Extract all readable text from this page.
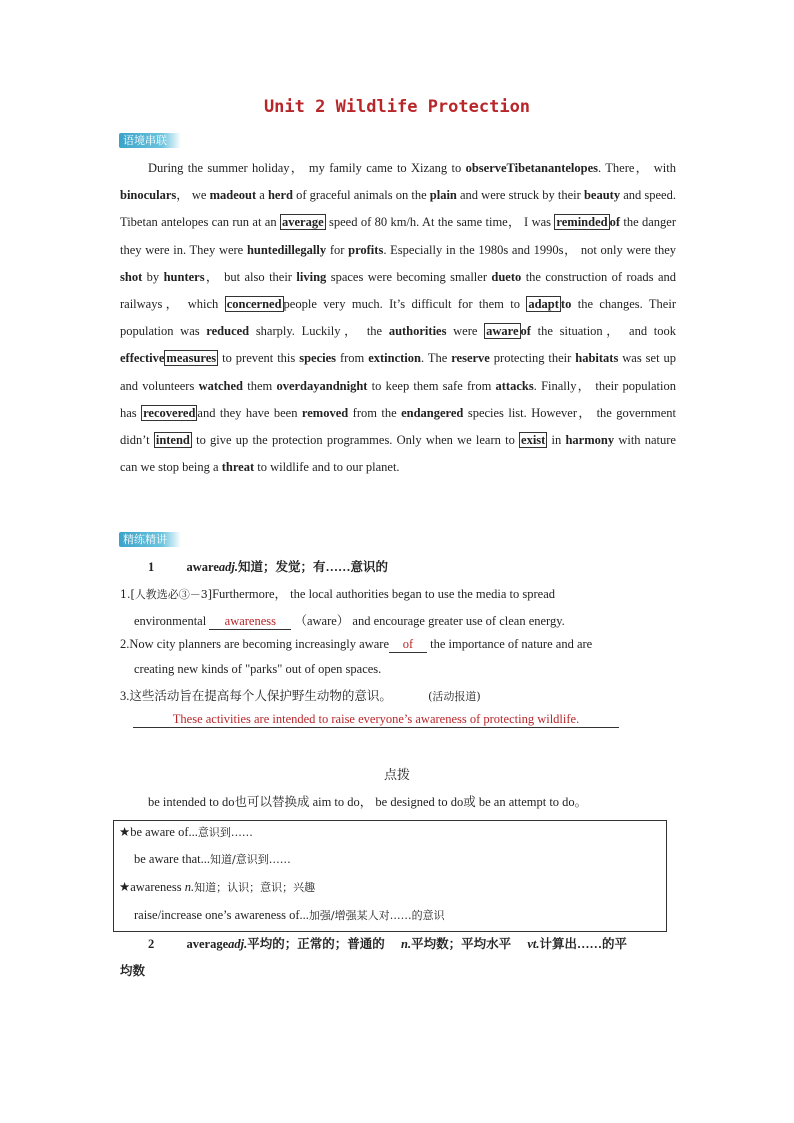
Unit 2 Wildlife Protection
语境串联

During the summer holiday， my family came to Xizang to observeTibetanantelopes. There， with binoculars， we madeout a herd of graceful animals on the plain and were struck by their beauty and speed. Tibetan antelopes can run at an average speed of 80 km/h. At the same time， I was reminded of the danger they were in. They were huntedillegally for profits. Especially in the 1980s and 1990s， not only were they shot by hunters， but also their living spaces were becoming smaller dueto the construction of roads and railways， which concerned people very much. It’s difficult for them to adapt to the changes. Their population was reduced sharply. Luckily， the authorities were aware of the situation， and took effective measures to prevent this species from extinction. The reserve protecting their habitats was set up and volunteers watched them overdayandnight to keep them safe from attacks. Finally， their population has recovered and they have been removed from the endangered species list. However， the government didn’t intend to give up the protection programmes. Only when we learn to exist in harmony with nature can we stop being a threat to wildlife and to our planet.

精练精讲
1	awareadj.知道；发觉；有……意识的
1.[人教选必③－3]Furthermore， the local authorities began to use the media to spread
environmental awareness （aware） and encourage greater use of clean energy.
2.Now city planners are becoming increasingly aware of the importance of nature and are
creating new kinds of "parks" out of open spaces.
3.这些活动旨在提高每个人保护野生动物的意识。	(活动报道)
These activities are intended to raise everyone’s awareness of protecting wildlife.
点拨
be intended to do也可以替换成 aim to do， be designed to do或 be an attempt to do。
★be aware of...意识到……
be aware that...知道/意识到……
★awareness n.知道；认识；意识；兴趣
raise/increase one’s awareness of...加强/增强某人对……的意识
2	averageadj.平均的；正常的；普通的 n.平均数；平均水平 vt.计算出……的平
均数
